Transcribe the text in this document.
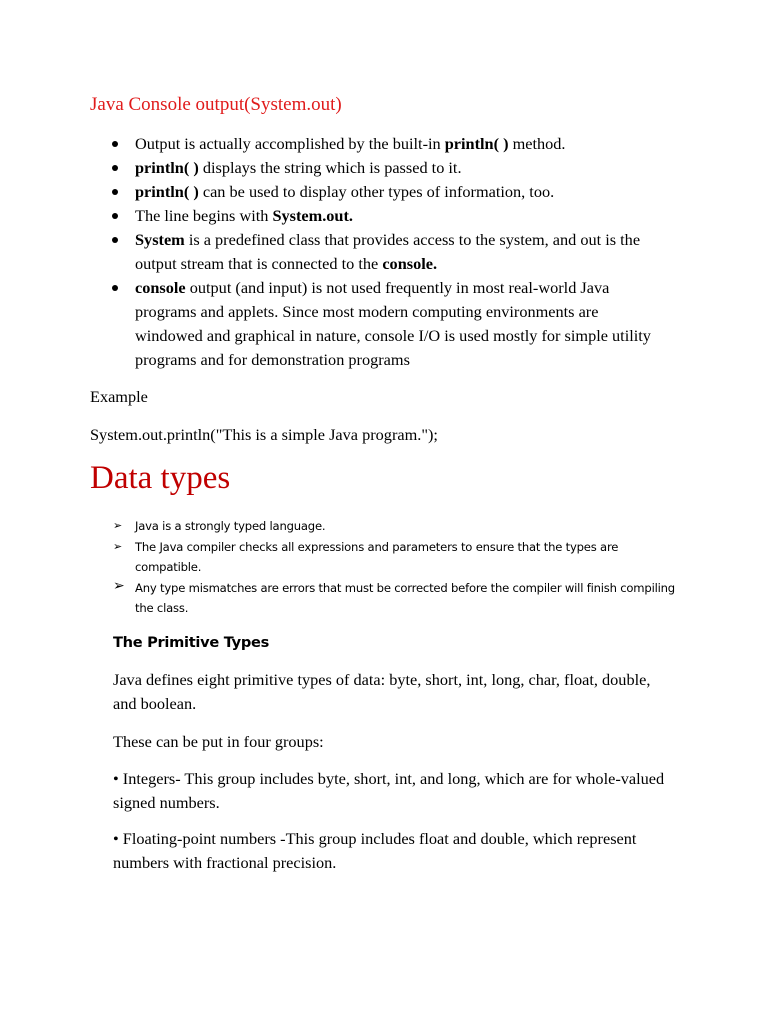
Java Console output(System.out)
Output is actually accomplished by the built-in println( ) method.
println( ) displays the string which is passed to it.
println( ) can be used to display other types of information, too.
The line begins with System.out.
System is a predefined class that provides access to the system, and out is the output stream that is connected to the console.
console output (and input) is not used frequently in most real-world Java programs and applets. Since most modern computing environments are windowed and graphical in nature, console I/O is used mostly for simple utility programs and for demonstration programs

Example

System.out.println("This is a simple Java program.");

Data types
➢ Java is a strongly typed language.
➢ The Java compiler checks all expressions and parameters to ensure that the types are compatible.
➢ Any type mismatches are errors that must be corrected before the compiler will finish compiling the class.
The Primitive Types

Java defines eight primitive types of data: byte, short, int, long, char, float, double, and boolean.

These can be put in four groups:

• Integers- This group includes byte, short, int, and long, which are for whole-valued signed numbers.

• Floating-point numbers -This group includes float and double, which represent numbers with fractional precision.
